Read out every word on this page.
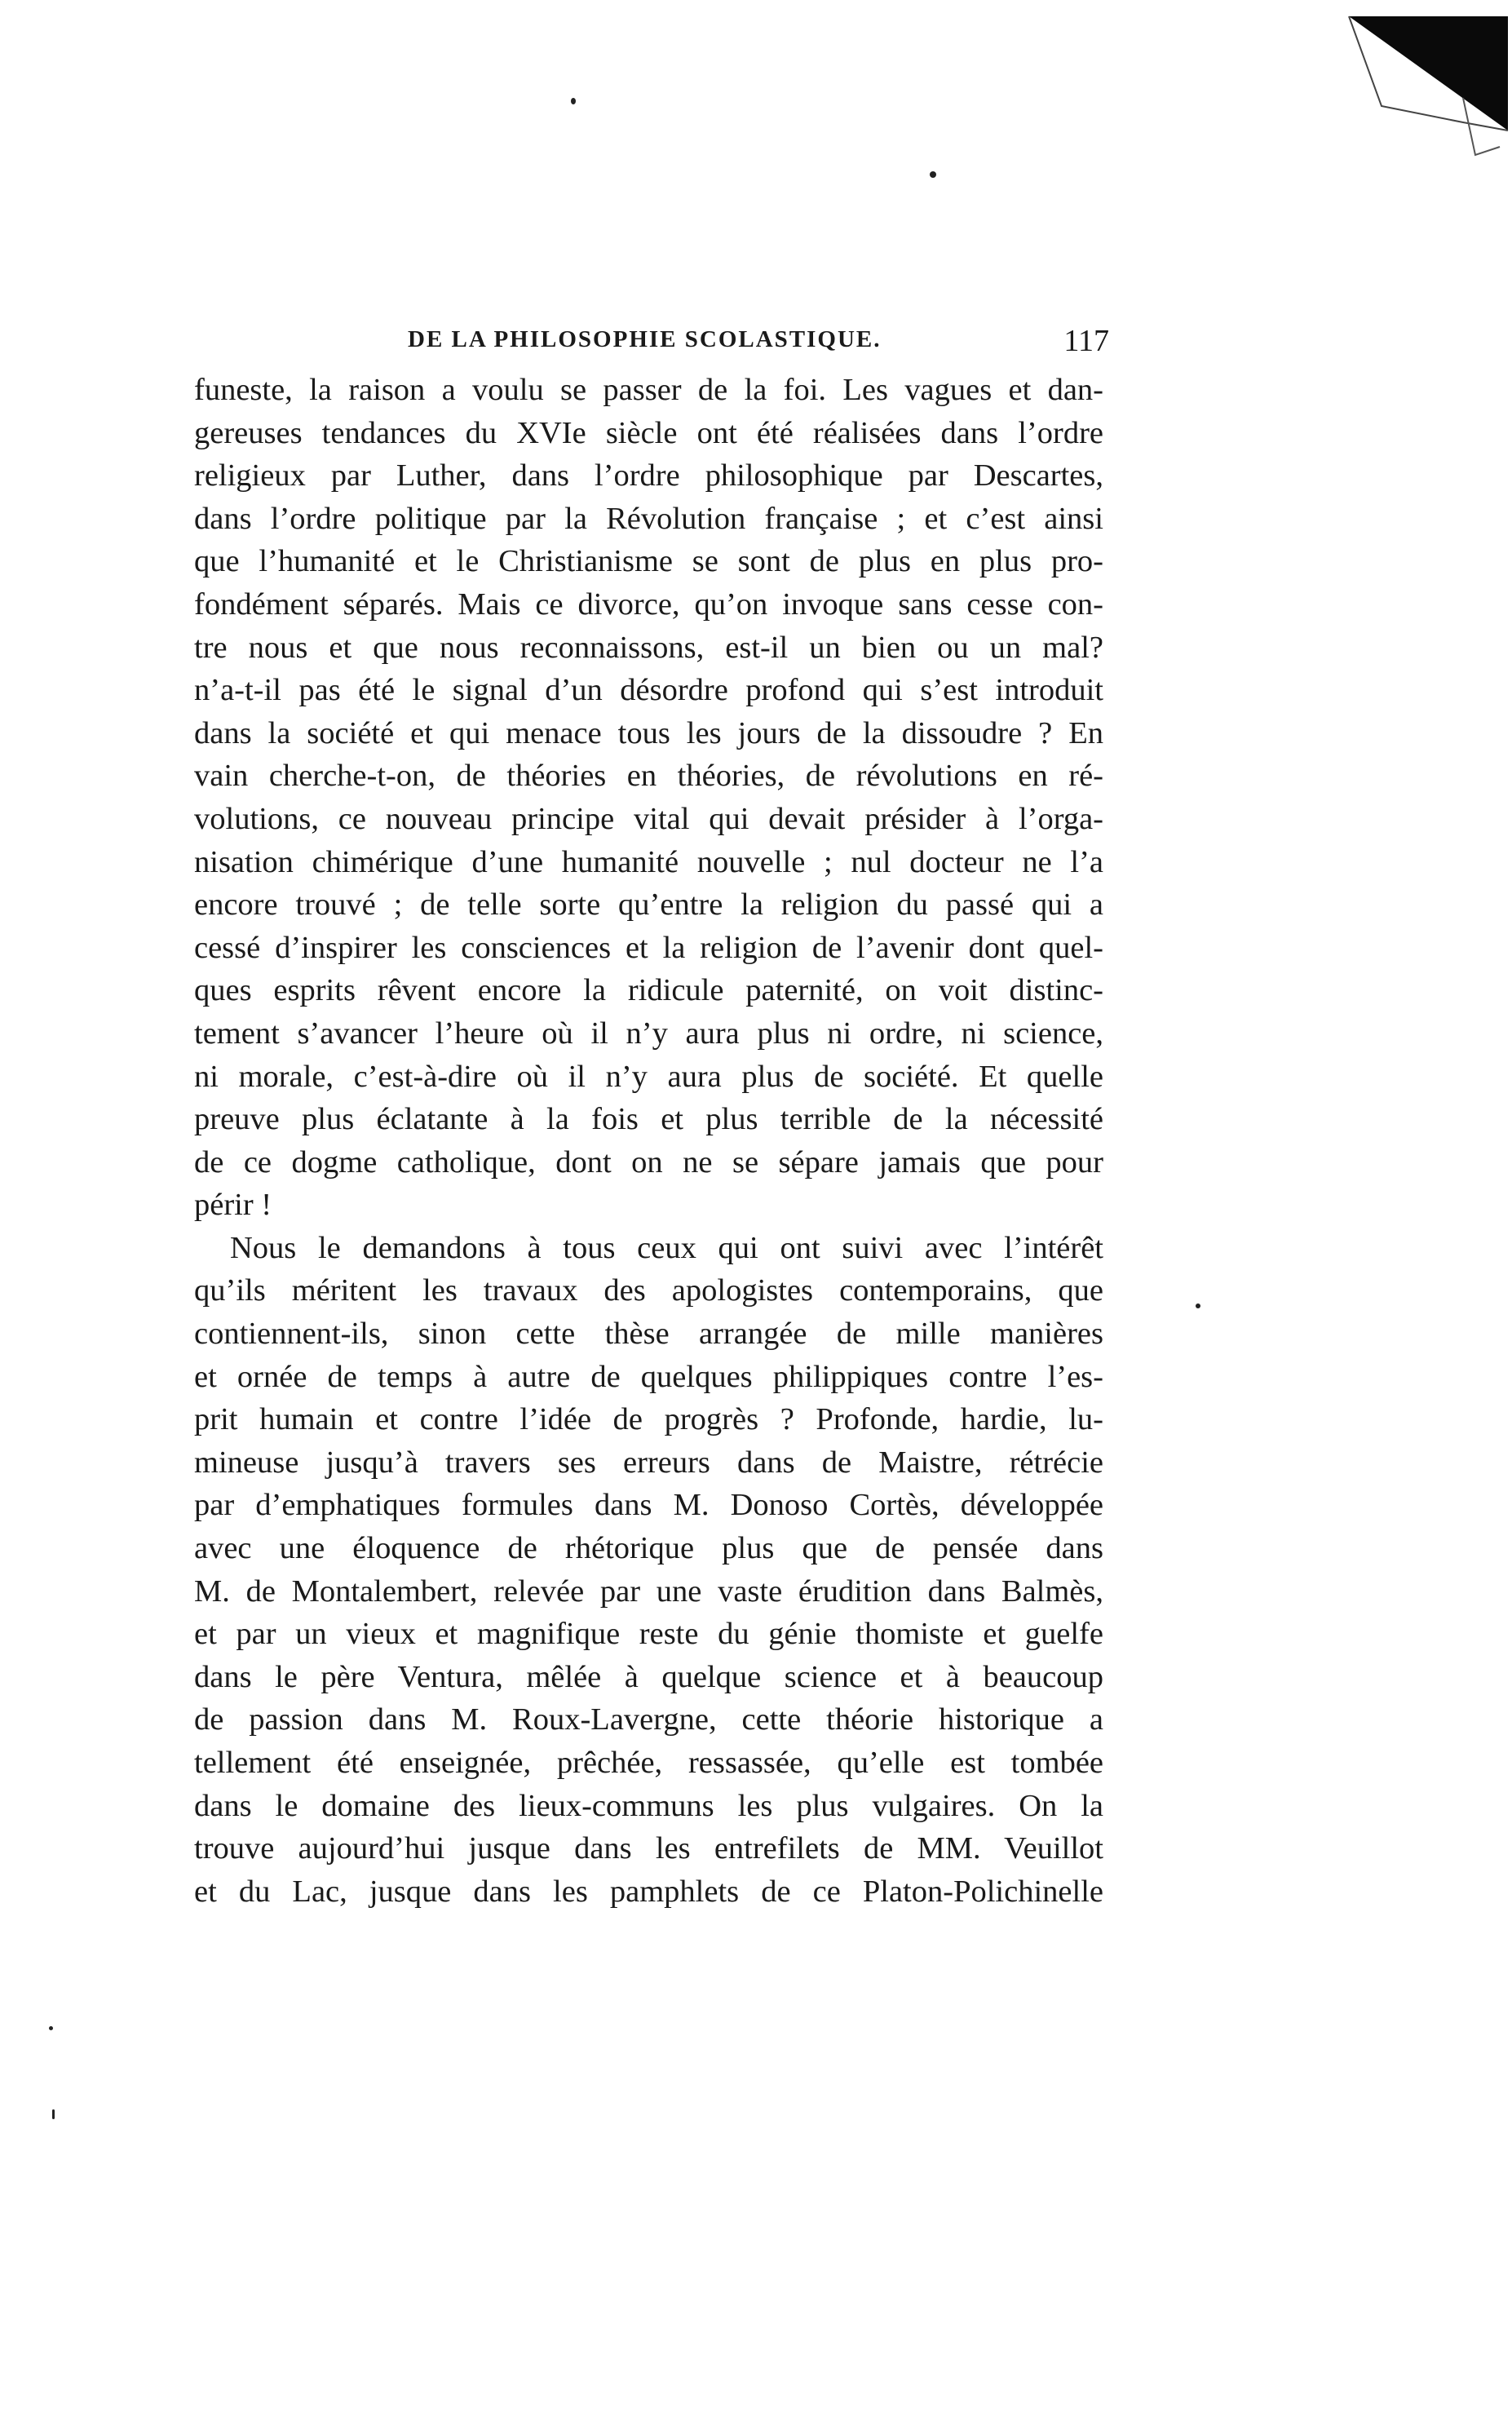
DE LA PHILOSOPHIE SCOLASTIQUE.	117
funeste, la raison a voulu se passer de la foi. Les vagues et dan-
gereuses tendances du XVIe siècle ont été réalisées dans l’ordre
religieux par Luther, dans l’ordre philosophique par Descartes,
dans l’ordre politique par la Révolution française ; et c’est ainsi
que l’humanité et le Christianisme se sont de plus en plus pro-
fondément séparés. Mais ce divorce, qu’on invoque sans cesse con-
tre nous et que nous reconnaissons, est-il un bien ou un mal?
n’a-t-il pas été le signal d’un désordre profond qui s’est introduit
dans la société et qui menace tous les jours de la dissoudre ? En
vain cherche-t-on, de théories en théories, de révolutions en ré-
volutions, ce nouveau principe vital qui devait présider à l’orga-
nisation chimérique d’une humanité nouvelle ; nul docteur ne l’a
encore trouvé ; de telle sorte qu’entre la religion du passé qui a
cessé d’inspirer les consciences et la religion de l’avenir dont quel-
ques esprits rêvent encore la ridicule paternité, on voit distinc-
tement s’avancer l’heure où il n’y aura plus ni ordre, ni science,
ni morale, c’est-à-dire où il n’y aura plus de société. Et quelle
preuve plus éclatante à la fois et plus terrible de la nécessité
de ce dogme catholique, dont on ne se sépare jamais que pour
périr !
Nous le demandons à tous ceux qui ont suivi avec l’intérêt
qu’ils méritent les travaux des apologistes contemporains, que
contiennent-ils, sinon cette thèse arrangée de mille manières
et ornée de temps à autre de quelques philippiques contre l’es-
prit humain et contre l’idée de progrès ? Profonde, hardie, lu-
mineuse jusqu’à travers ses erreurs dans de Maistre, rétrécie
par d’emphatiques formules dans M. Donoso Cortès, développée
avec une éloquence de rhétorique plus que de pensée dans
M. de Montalembert, relevée par une vaste érudition dans Balmès,
et par un vieux et magnifique reste du génie thomiste et guelfe
dans le père Ventura, mêlée à quelque science et à beaucoup
de passion dans M. Roux-Lavergne, cette théorie historique a
tellement été enseignée, prêchée, ressassée, qu’elle est tombée
dans le domaine des lieux-communs les plus vulgaires. On la
trouve aujourd’hui jusque dans les entrefilets de MM. Veuillot
et du Lac, jusque dans les pamphlets de ce Platon-Polichinelle
